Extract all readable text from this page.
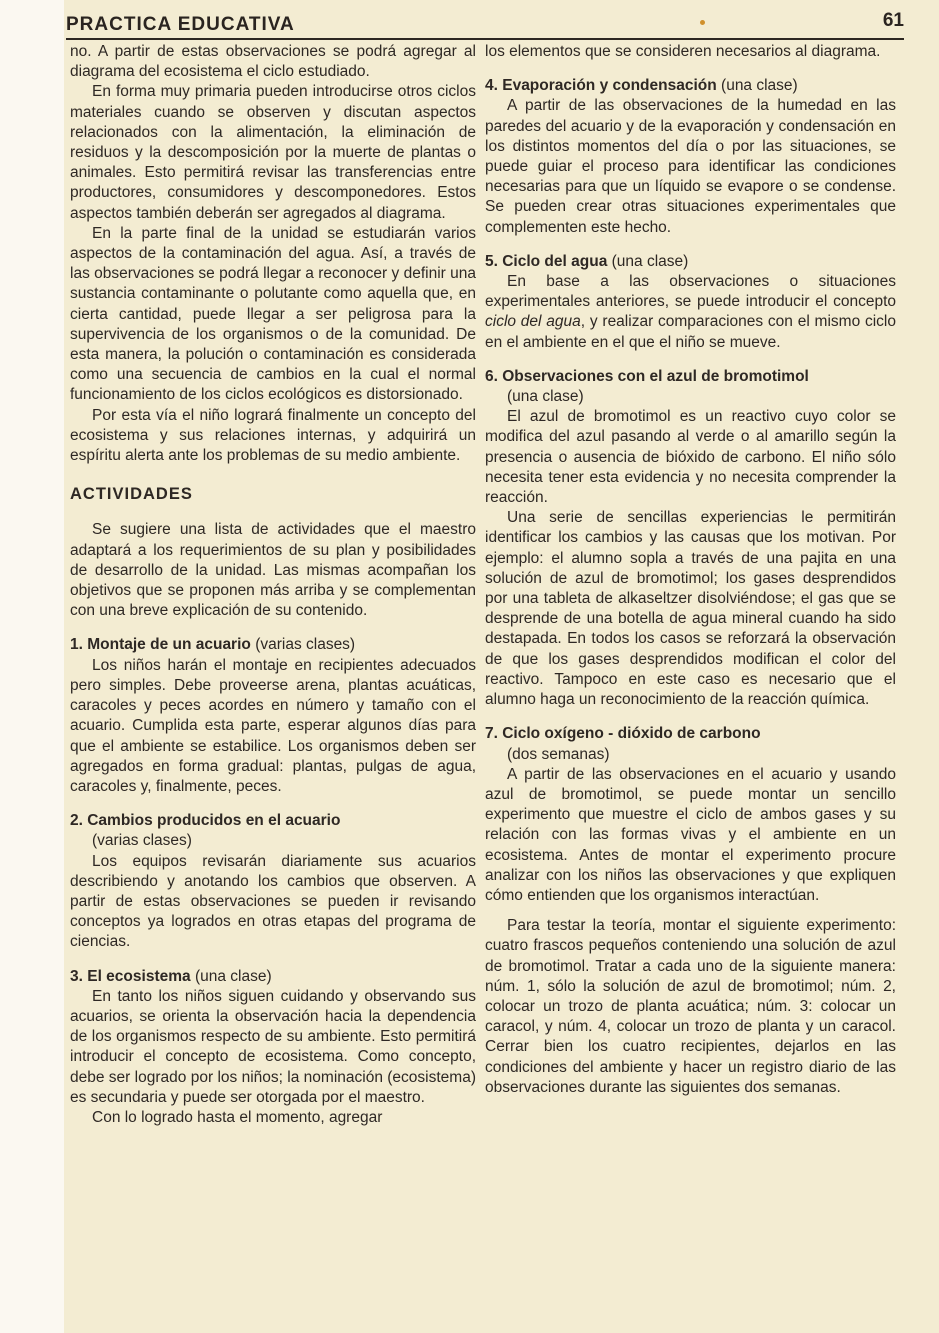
PRACTICA EDUCATIVA	61

no. A partir de estas observaciones se podrá agregar al diagrama del ecosistema el ciclo estudiado.

En forma muy primaria pueden introducirse otros ciclos materiales cuando se observen y discutan aspectos relacionados con la alimentación, la eliminación de residuos y la descomposición por la muerte de plantas o animales. Esto permitirá revisar las transferencias entre productores, consumidores y descomponedores. Estos aspectos también deberán ser agregados al diagrama.

En la parte final de la unidad se estudiarán varios aspectos de la contaminación del agua. Así, a través de las observaciones se podrá llegar a reconocer y definir una sustancia contaminante o polutante como aquella que, en cierta cantidad, puede llegar a ser peligrosa para la supervivencia de los organismos o de la comunidad. De esta manera, la polución o contaminación es considerada como una secuencia de cambios en la cual el normal funcionamiento de los ciclos ecológicos es distorsionado.

Por esta vía el niño logrará finalmente un concepto del ecosistema y sus relaciones internas, y adquirirá un espíritu alerta ante los problemas de su medio ambiente.

ACTIVIDADES

Se sugiere una lista de actividades que el maestro adaptará a los requerimientos de su plan y posibilidades de desarrollo de la unidad. Las mismas acompañan los objetivos que se proponen más arriba y se complementan con una breve explicación de su contenido.

1. Montaje de un acuario (varias clases)

Los niños harán el montaje en recipientes adecuados pero simples. Debe proveerse arena, plantas acuáticas, caracoles y peces acordes en número y tamaño con el acuario. Cumplida esta parte, esperar algunos días para que el ambiente se estabilice. Los organismos deben ser agregados en forma gradual: plantas, pulgas de agua, caracoles y, finalmente, peces.

2. Cambios producidos en el acuario

(varias clases)

Los equipos revisarán diariamente sus acuarios describiendo y anotando los cambios que observen. A partir de estas observaciones se pueden ir revisando conceptos ya logrados en otras etapas del programa de ciencias.

3. El ecosistema (una clase)

En tanto los niños siguen cuidando y observando sus acuarios, se orienta la observación hacia la dependencia de los organismos respecto de su ambiente. Esto permitirá introducir el concepto de ecosistema. Como concepto, debe ser logrado por los niños; la nominación (ecosistema) es secundaria y puede ser otorgada por el maestro.

Con lo logrado hasta el momento, agregar

los elementos que se consideren necesarios al diagrama.

4. Evaporación y condensación (una clase)

A partir de las observaciones de la humedad en las paredes del acuario y de la evaporación y condensación en los distintos momentos del día o por las situaciones, se puede guiar el proceso para identificar las condiciones necesarias para que un líquido se evapore o se condense. Se pueden crear otras situaciones experimentales que complementen este hecho.

5. Ciclo del agua (una clase)

En base a las observaciones o situaciones experimentales anteriores, se puede introducir el concepto ciclo del agua, y realizar comparaciones con el mismo ciclo en el ambiente en el que el niño se mueve.

6. Observaciones con el azul de bromotimol

(una clase)

El azul de bromotimol es un reactivo cuyo color se modifica del azul pasando al verde o al amarillo según la presencia o ausencia de bióxido de carbono. El niño sólo necesita tener esta evidencia y no necesita comprender la reacción.

Una serie de sencillas experiencias le permitirán identificar los cambios y las causas que los motivan. Por ejemplo: el alumno sopla a través de una pajita en una solución de azul de bromotimol; los gases desprendidos por una tableta de alkaseltzer disolviéndose; el gas que se desprende de una botella de agua mineral cuando ha sido destapada. En todos los casos se reforzará la observación de que los gases desprendidos modifican el color del reactivo. Tampoco en este caso es necesario que el alumno haga un reconocimiento de la reacción química.

7. Ciclo oxígeno - dióxido de carbono

(dos semanas)

A partir de las observaciones en el acuario y usando azul de bromotimol, se puede montar un sencillo experimento que muestre el ciclo de ambos gases y su relación con las formas vivas y el ambiente en un ecosistema. Antes de montar el experimento procure analizar con los niños las observaciones y que expliquen cómo entienden que los organismos interactúan.

Para testar la teoría, montar el siguiente experimento: cuatro frascos pequeños conteniendo una solución de azul de bromotimol. Tratar a cada uno de la siguiente manera: núm. 1, sólo la solución de azul de bromotimol; núm. 2, colocar un trozo de planta acuática; núm. 3: colocar un caracol, y núm. 4, colocar un trozo de planta y un caracol. Cerrar bien los cuatro recipientes, dejarlos en las condiciones del ambiente y hacer un registro diario de las observaciones durante las siguientes dos semanas.
